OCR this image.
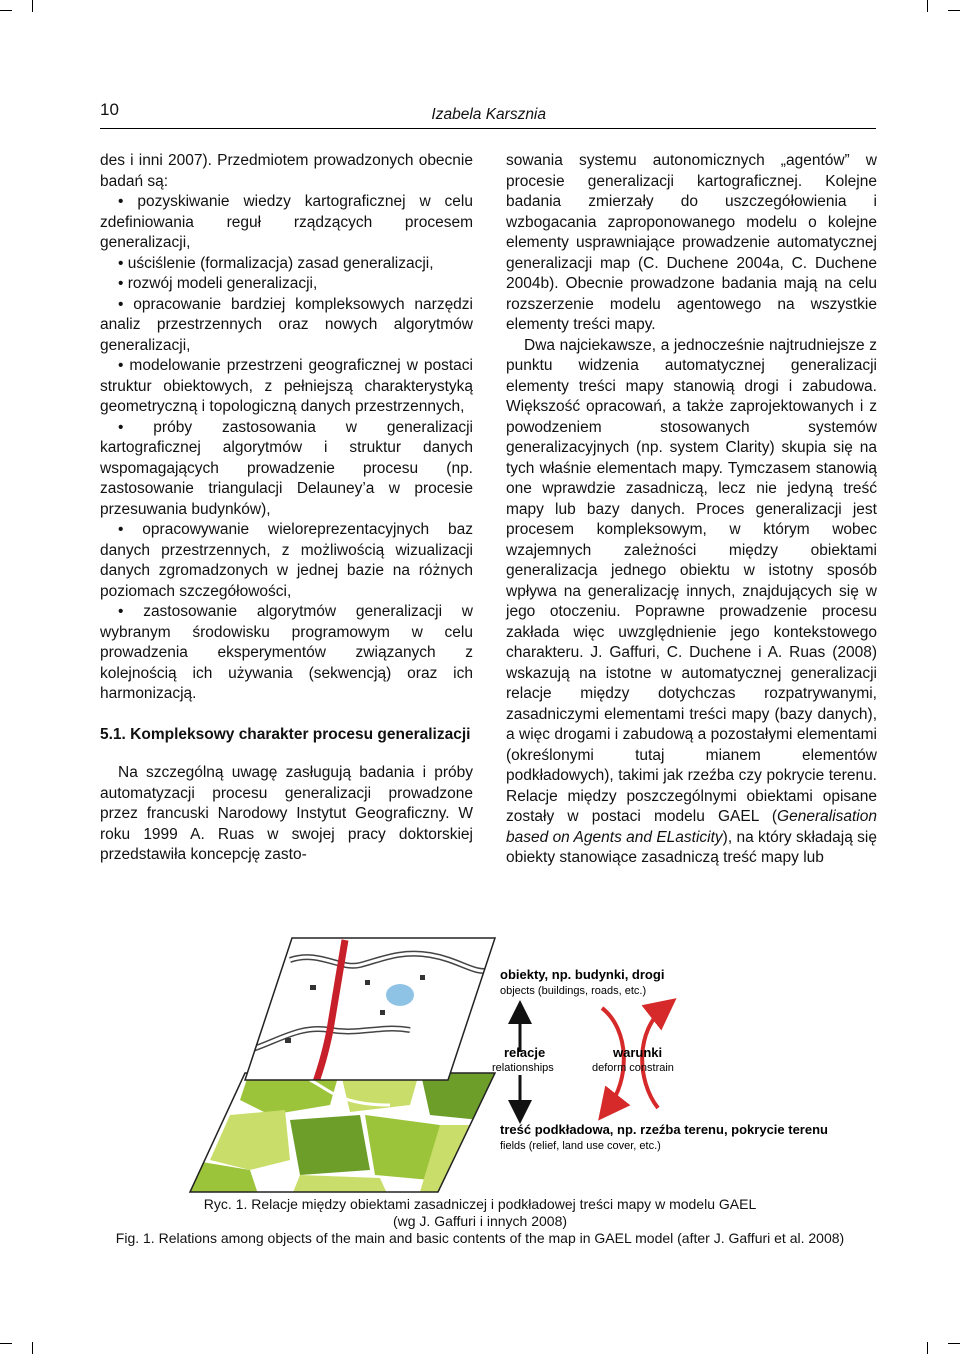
10	Izabela Karsznia

des i inni 2007). Przedmiotem prowadzonych obecnie badań są:

• pozyskiwanie wiedzy kartograficznej w celu zdefiniowania reguł rządzących procesem generalizacji,

• uściślenie (formalizacja) zasad generalizacji,

• rozwój modeli generalizacji,

• opracowanie bardziej kompleksowych narzędzi analiz przestrzennych oraz nowych algorytmów generalizacji,

• modelowanie przestrzeni geograficznej w postaci struktur obiektowych, z pełniejszą charakterystyką geometryczną i topologiczną danych przestrzennych,

• próby zastosowania w generalizacji kartograficznej algorytmów i struktur danych wspomagających prowadzenie procesu (np. zastosowanie triangulacji Delauney’a w procesie przesuwania budynków),

• opracowywanie wieloreprezentacyjnych baz danych przestrzennych, z możliwością wizualizacji danych zgromadzonych w jednej bazie na różnych poziomach szczegółowości,

• zastosowanie algorytmów generalizacji w wybranym środowisku programowym w celu prowadzenia eksperymentów związanych z kolejnością ich używania (sekwencją) oraz ich harmonizacją.

5.1. Kompleksowy charakter procesu generalizacji

Na szczególną uwagę zasługują badania i próby automatyzacji procesu generalizacji prowadzone przez francuski Narodowy Instytut Geograficzny. W roku 1999 A. Ruas w swojej pracy doktorskiej przedstawiła koncepcję zasto-

sowania systemu autonomicznych „agentów” w procesie generalizacji kartograficznej. Kolejne badania zmierzały do uszczegółowienia i wzbogacania zaproponowanego modelu o kolejne elementy usprawniające prowadzenie automatycznej generalizacji map (C. Duchene 2004a, C. Duchene 2004b). Obecnie prowadzone badania mają na celu rozszerzenie modelu agentowego na wszystkie elementy treści mapy.

Dwa najciekawsze, a jednocześnie najtrudniejsze z punktu widzenia automatycznej generalizacji elementy treści mapy stanowią drogi i zabudowa. Większość opracowań, a także zaprojektowanych i z powodzeniem stosowanych systemów generalizacyjnych (np. system Clarity) skupia się na tych właśnie elementach mapy. Tymczasem stanowią one wprawdzie zasadniczą, lecz nie jedyną treść mapy lub bazy danych. Proces generalizacji jest procesem kompleksowym, w którym wobec wzajemnych zależności między obiektami generalizacja jednego obiektu w istotny sposób wpływa na generalizację innych, znajdujących się w jego otoczeniu. Poprawne prowadzenie procesu zakłada więc uwzględnienie jego kontekstowego charakteru. J. Gaffuri, C. Duchene i A. Ruas (2008) wskazują na istotne w automatycznej generalizacji relacje między dotychczas rozpatrywanymi, zasadniczymi elementami treści mapy (bazy danych), a więc drogami i zabudową a pozostałymi elementami (określonymi tutaj mianem elementów podkładowych), takimi jak rzeźba czy pokrycie terenu. Relacje między poszczególnymi obiektami opisane zostały w postaci modelu GAEL (Generalisation based on Agents and ELasticity), na który składają się obiekty stanowiące zasadniczą treść mapy lub

obiekty, np. budynki, drogi
objects (buildings, roads, etc.)
relacje
relationships
warunki
deform constrain
treść podkładowa, np. rzeźba terenu, pokrycie terenu
fields (relief, land use cover, etc.)
Ryc. 1. Relacje między obiektami zasadniczej i podkładowej treści mapy w modelu GAEL
(wg J. Gaffuri i innych 2008)
Fig. 1. Relations among objects of the main and basic contents of the map in GAEL model (after J. Gaffuri et al. 2008)
